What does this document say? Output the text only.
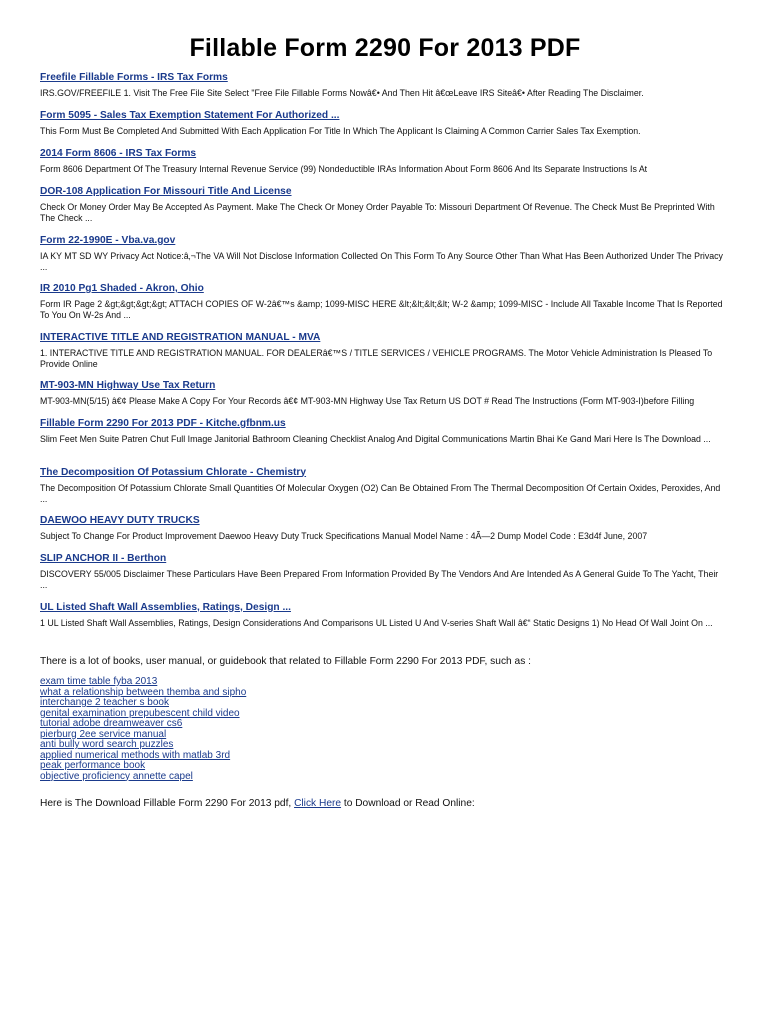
Fillable Form 2290 For 2013 PDF
Freefile Fillable Forms - IRS Tax Forms
IRS.GOV/FREEFILE 1. Visit The Free File Site Select "Free File Fillable Forms Nowâ€• And Then Hit â€œLeave IRS Siteâ€• After Reading The Disclaimer.
Form 5095 - Sales Tax Exemption Statement For Authorized ...
This Form Must Be Completed And Submitted With Each Application For Title In Which The Applicant Is Claiming A Common Carrier Sales Tax Exemption.
2014 Form 8606 - IRS Tax Forms
Form 8606 Department Of The Treasury Internal Revenue Service (99) Nondeductible IRAs Information About Form 8606 And Its Separate Instructions Is At
DOR-108 Application For Missouri Title And License
Check Or Money Order May Be Accepted As Payment. Make The Check Or Money Order Payable To: Missouri Department Of Revenue. The Check Must Be Preprinted With The Check ...
Form 22-1990E - Vba.va.gov
IA KY MT SD WY Privacy Act Notice:â‚¬The VA Will Not Disclose Information Collected On This Form To Any Source Other Than What Has Been Authorized Under The Privacy ...
IR 2010 Pg1 Shaded - Akron, Ohio
Form IR Page 2 &gt;&gt;&gt;&gt; ATTACH COPIES OF W-2â€™s &amp; 1099-MISC HERE &lt;&lt;&lt;&lt; W-2 &amp; 1099-MISC - Include All Taxable Income That Is Reported To You On W-2s And ...
INTERACTIVE TITLE AND REGISTRATION MANUAL - MVA
1. INTERACTIVE TITLE AND REGISTRATION MANUAL. FOR DEALERâ€™S / TITLE SERVICES / VEHICLE PROGRAMS. The Motor Vehicle Administration Is Pleased To Provide Online
MT-903-MN Highway Use Tax Return
MT-903-MN(5/15) â€¢ Please Make A Copy For Your Records â€¢ MT-903-MN Highway Use Tax Return US DOT # Read The Instructions (Form MT-903-I)before Filling
Fillable Form 2290 For 2013 PDF - Kitche.gfbnm.us
Slim Feet Men Suite Patren Chut Full Image Janitorial Bathroom Cleaning Checklist Analog And Digital Communications Martin Bhai Ke Gand Mari Here Is The Download ...
The Decomposition Of Potassium Chlorate - Chemistry
The Decomposition Of Potassium Chlorate Small Quantities Of Molecular Oxygen (O2) Can Be Obtained From The Thermal Decomposition Of Certain Oxides, Peroxides, And ...
DAEWOO HEAVY DUTY TRUCKS
Subject To Change For Product Improvement Daewoo Heavy Duty Truck Specifications Manual Model Name : 4Ã—2 Dump Model Code : E3d4f June, 2007
SLIP ANCHOR II - Berthon
DISCOVERY 55/005 Disclaimer These Particulars Have Been Prepared From Information Provided By The Vendors And Are Intended As A General Guide To The Yacht, Their ...
UL Listed Shaft Wall Assemblies, Ratings, Design ...
1 UL Listed Shaft Wall Assemblies, Ratings, Design Considerations And Comparisons UL Listed U And V-series Shaft Wall â€“ Static Designs 1) No Head Of Wall Joint On ...
There is a lot of books, user manual, or guidebook that related to Fillable Form 2290 For 2013 PDF, such as :
exam time table fyba 2013
what a relationship between themba and sipho
interchange 2 teacher s book
genital examination prepubescent child video
tutorial adobe dreamweaver cs6
pierburg 2ee service manual
anti bully word search puzzles
applied numerical methods with matlab 3rd
peak performance book
objective proficiency annette capel
Here is The Download Fillable Form 2290 For 2013 pdf, Click Here to Download or Read Online:
